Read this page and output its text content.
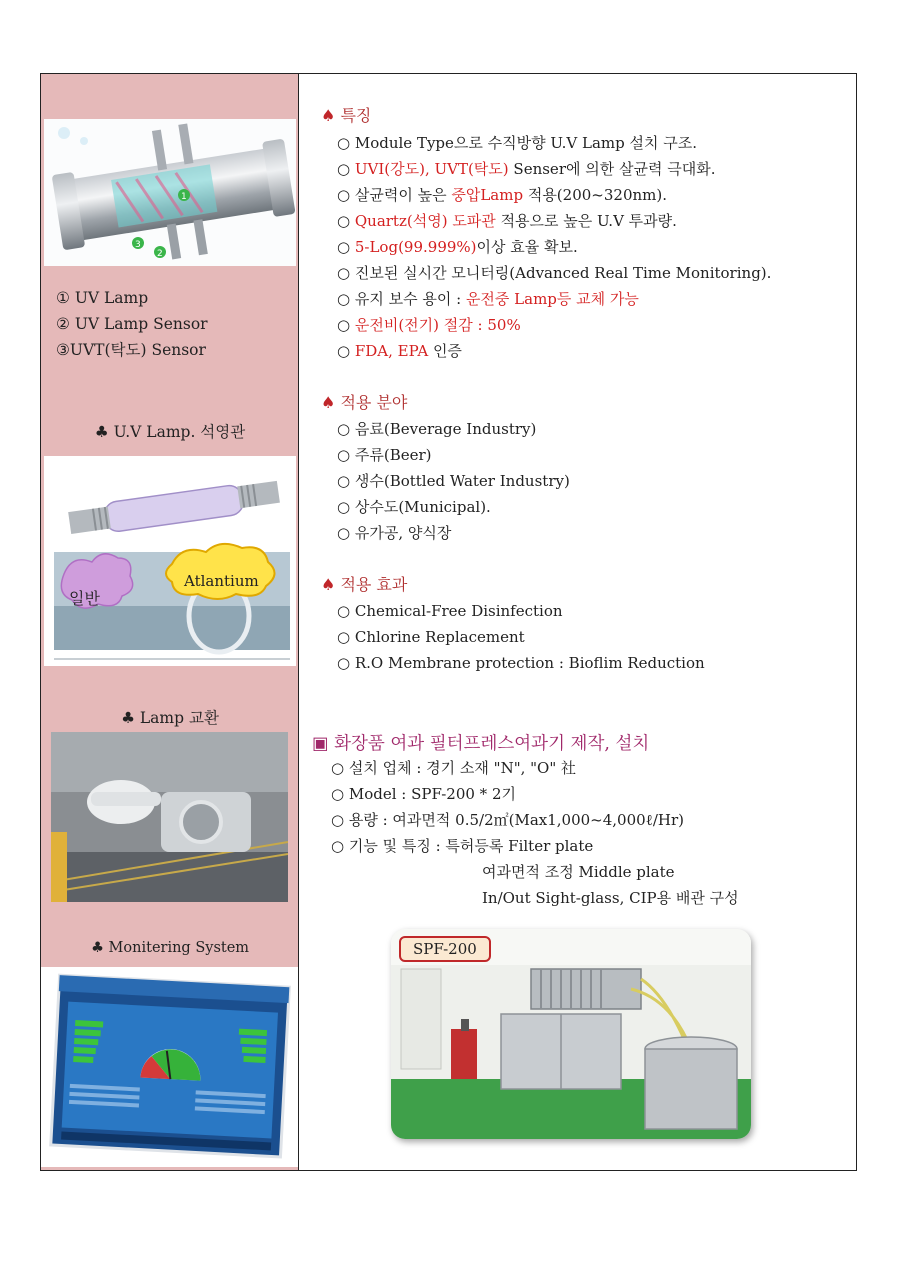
1
3
2
① UV Lamp
② UV Lamp Sensor
③UVT(탁도) Sensor
♣ U.V Lamp. 석영관
일반
Atlantium
♣ Lamp 교환
♣ Monitering System
♠ 특징
○ Module Type으로 수직방향 U.V Lamp 설치 구조.
○ UVI(강도), UVT(탁도) Senser에 의한 살균력 극대화.
○ 살균력이 높은 중압Lamp 적용(200~320nm).
○ Quartz(석영) 도파관 적용으로 높은 U.V 투과량.
○ 5-Log(99.999%)이상 효율 확보.
○ 진보된 실시간 모니터링(Advanced Real Time Monitoring).
○ 유지 보수 용이 : 운전중 Lamp등 교체 가능
○ 운전비(전기) 절감 : 50%
○ FDA, EPA 인증
♠ 적용 분야
○ 음료(Beverage Industry)
○ 주류(Beer)
○ 생수(Bottled Water Industry)
○ 상수도(Municipal).
○ 유가공, 양식장
♠ 적용 효과
○ Chemical-Free Disinfection
○ Chlorine Replacement
○ R.O Membrane protection : Bioflim Reduction
▣ 화장품 여과 필터프레스여과기 제작, 설치
○ 설치 업체 : 경기 소재 "N", "O" 社
○ Model : SPF-200 * 2기
○ 용량 : 여과면적 0.5/2㎡(Max1,000~4,000ℓ/Hr)
○ 기능 및 특징 : 특허등록 Filter plate
여과면적 조정 Middle plate
In/Out Sight-glass, CIP용 배관 구성
SPF-200
